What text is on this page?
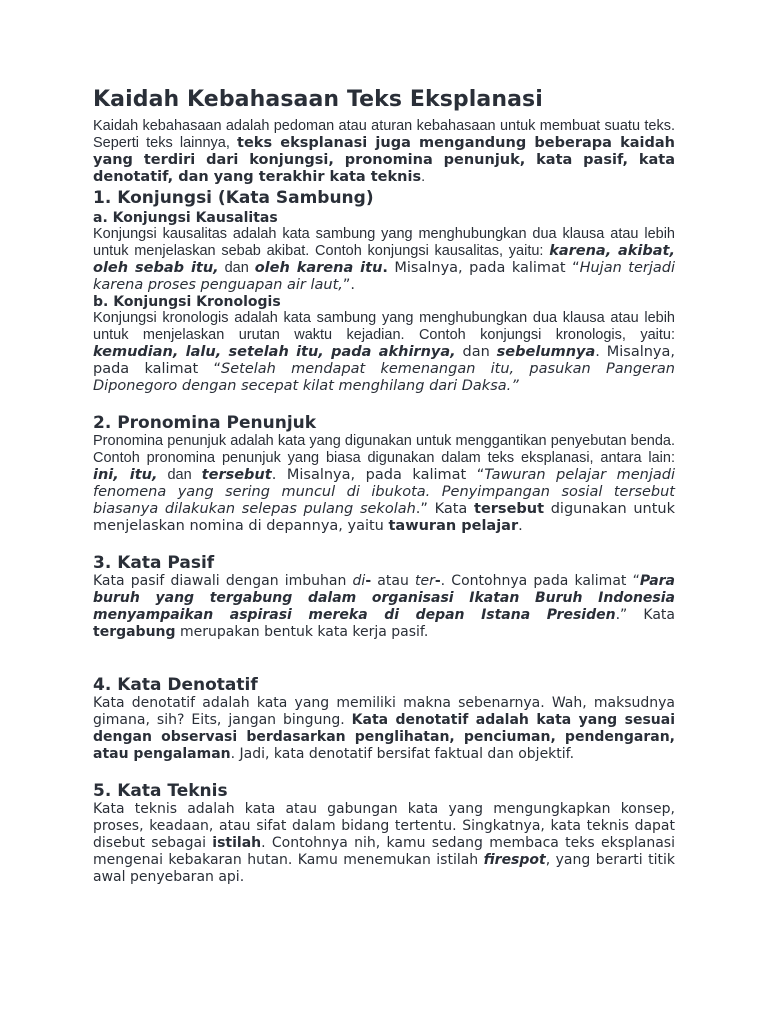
Kaidah Kebahasaan Teks Eksplanasi

Kaidah kebahasaan adalah pedoman atau aturan kebahasaan untuk membuat suatu teks. Seperti teks lainnya, teks eksplanasi juga mengandung beberapa kaidah yang terdiri dari konjungsi, pronomina penunjuk, kata pasif, kata denotatif, dan yang terakhir kata teknis.

1. Konjungsi (Kata Sambung)
a. Konjungsi Kausalitas

Konjungsi kausalitas adalah kata sambung yang menghubungkan dua klausa atau lebih untuk menjelaskan sebab akibat. Contoh konjungsi kausalitas, yaitu: karena, akibat, oleh sebab itu, dan oleh karena itu. Misalnya, pada kalimat “Hujan terjadi karena proses penguapan air laut,”.

b. Konjungsi Kronologis

Konjungsi kronologis adalah kata sambung yang menghubungkan dua klausa atau lebih untuk menjelaskan urutan waktu kejadian. Contoh konjungsi kronologis, yaitu: kemudian, lalu, setelah itu, pada akhirnya, dan sebelumnya. Misalnya, pada kalimat “Setelah mendapat kemenangan itu, pasukan Pangeran Diponegoro dengan secepat kilat menghilang dari Daksa.”

2. Pronomina Penunjuk

Pronomina penunjuk adalah kata yang digunakan untuk menggantikan penyebutan benda. Contoh pronomina penunjuk yang biasa digunakan dalam teks eksplanasi, antara lain: ini, itu, dan tersebut. Misalnya, pada kalimat “Tawuran pelajar menjadi fenomena yang sering muncul di ibukota. Penyimpangan sosial tersebut biasanya dilakukan selepas pulang sekolah.” Kata tersebut digunakan untuk menjelaskan nomina di depannya, yaitu tawuran pelajar.

3. Kata Pasif

Kata pasif diawali dengan imbuhan di- atau ter-. Contohnya pada kalimat “Para buruh yang tergabung dalam organisasi Ikatan Buruh Indonesia menyampaikan aspirasi mereka di depan Istana Presiden.” Kata tergabung merupakan bentuk kata kerja pasif.

4. Kata Denotatif

Kata denotatif adalah kata yang memiliki makna sebenarnya. Wah, maksudnya gimana, sih? Eits, jangan bingung. Kata denotatif adalah kata yang sesuai dengan observasi berdasarkan penglihatan, penciuman, pendengaran, atau pengalaman. Jadi, kata denotatif bersifat faktual dan objektif.

5. Kata Teknis

Kata teknis adalah kata atau gabungan kata yang mengungkapkan konsep, proses, keadaan, atau sifat dalam bidang tertentu. Singkatnya, kata teknis dapat disebut sebagai istilah. Contohnya nih, kamu sedang membaca teks eksplanasi mengenai kebakaran hutan. Kamu menemukan istilah firespot, yang berarti titik awal penyebaran api.
